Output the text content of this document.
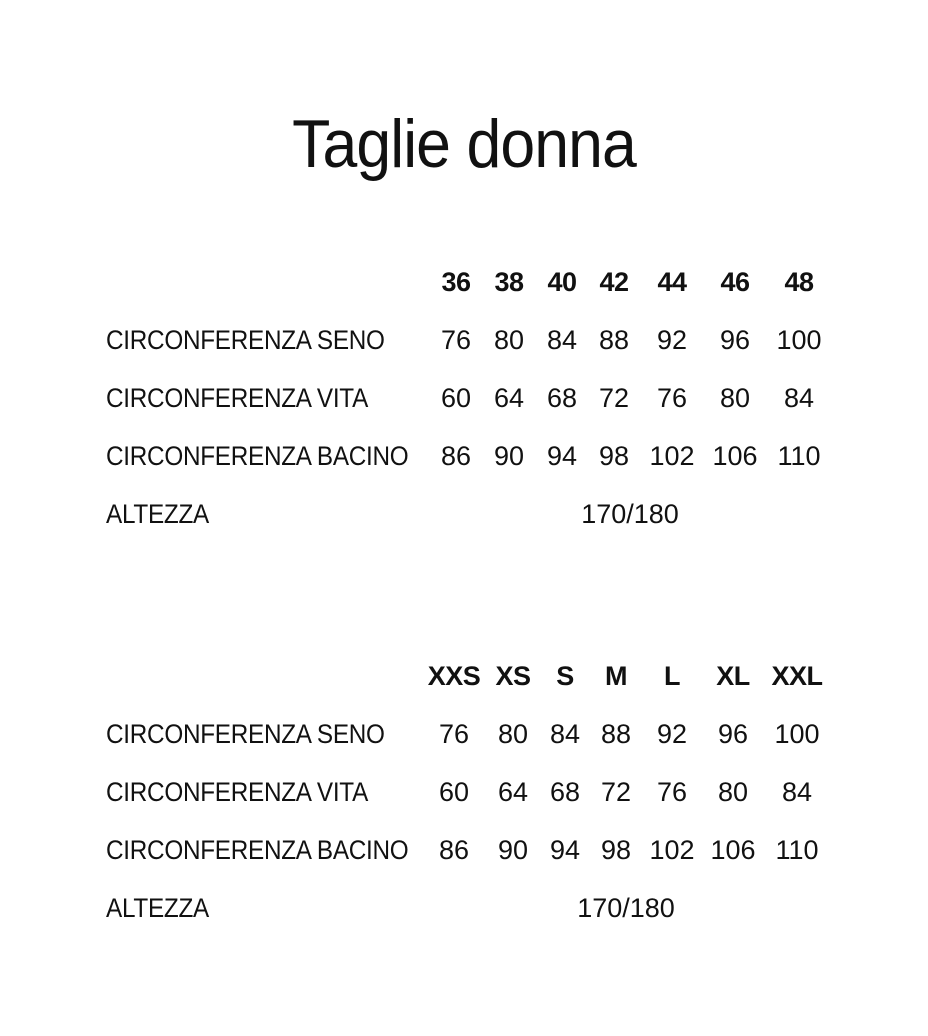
Taglie donna
36 38 40 42	44	46	48
CIRCONFERENZA SENO	76 80 84 88	92	96 100
CIRCONFERENZA VITA	60 64 68 72	76	80	84
CIRCONFERENZA BACINO	86 90 94 98 102 106 110
ALTEZZA	170/180
XXS XS S	M	L	XL XXL
CIRCONFERENZA SENO	76	80 84 88 92	96 100
CIRCONFERENZA VITA	60	64 68 72 76	80	84
CIRCONFERENZA BACINO	86	90 94 98 102 106 110
ALTEZZA	170/180
